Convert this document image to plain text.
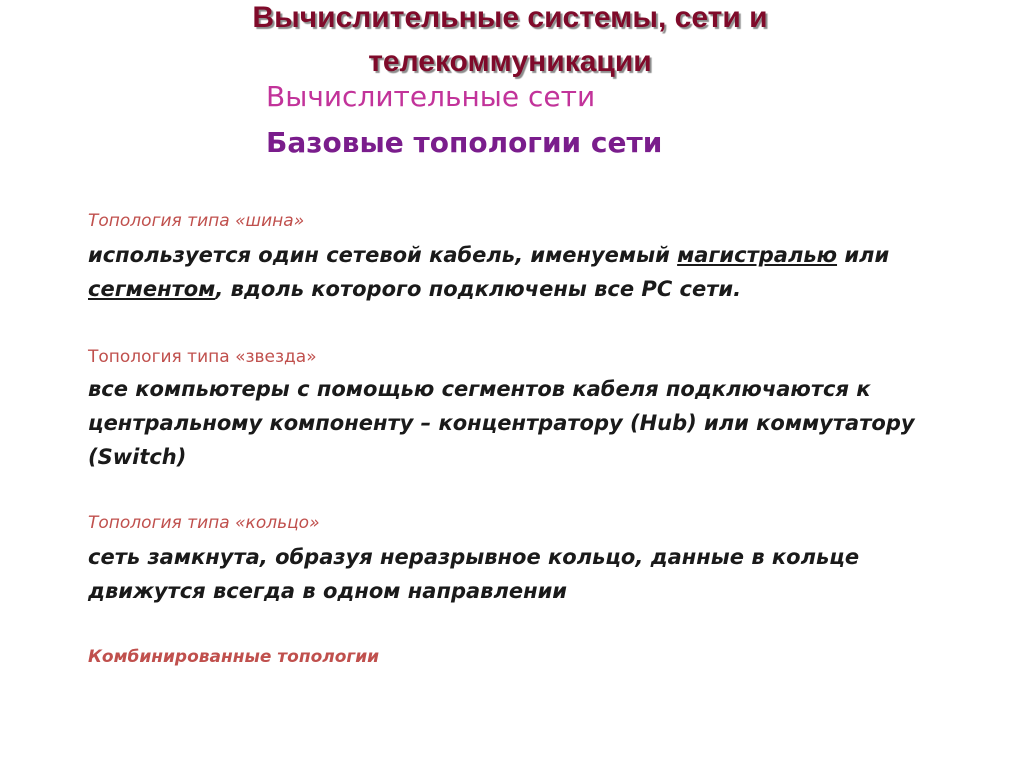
Вычислительные системы, сети и
телекоммуникации

Вычислительные сети

Базовые топологии сети

Топология типа «шина»

используется один сетевой кабель, именуемый магистралью или сегментом, вдоль которого подключены все PC сети.

Топология типа «звезда»

все компьютеры с помощью сегментов кабеля подключаются к центральному компоненту – концентратору (Hub) или коммутатору (Switch)

Топология типа «кольцо»

сеть замкнута, образуя неразрывное кольцо, данные в кольце движутся всегда в одном направлении

Комбинированные топологии
